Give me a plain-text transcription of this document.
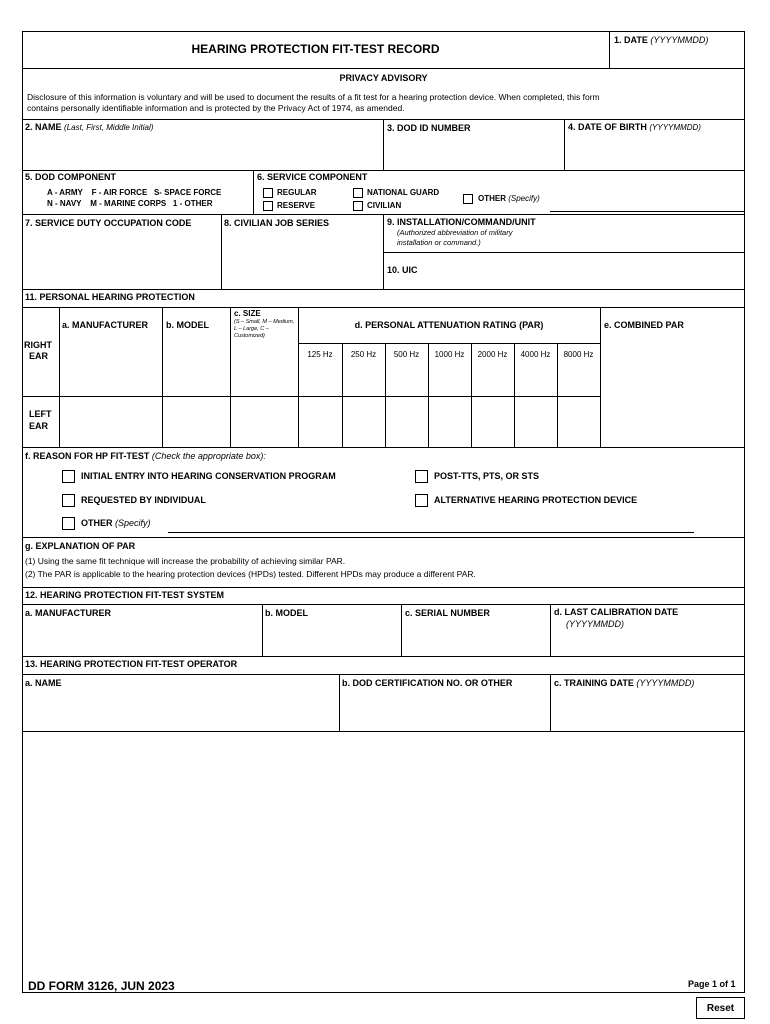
HEARING PROTECTION FIT-TEST RECORD
1. DATE (YYYYMMDD)
PRIVACY ADVISORY
Disclosure of this information is voluntary and will be used to document the results of a fit test for a hearing protection device. When completed, this form
contains personally identifiable information and is protected by the Privacy Act of 1974, as amended.
2. NAME (Last, First, Middle Initial)	3. DOD ID NUMBER	4. DATE OF BIRTH (YYYYMMDD)
5. DOD COMPONENT
A - ARMY    F - AIR FORCE   S- SPACE FORCE
N - NAVY    M - MARINE CORPS   1 - OTHER
6. SERVICE COMPONENT
REGULAR
RESERVE
NATIONAL GUARD
CIVILIAN
OTHER (Specify)
7. SERVICE DUTY OCCUPATION CODE	8. CIVILIAN JOB SERIES	9. INSTALLATION/COMMAND/UNIT
(Authorized abbreviation of military
installation or command.)
10. UIC
11. PERSONAL HEARING PROTECTION
a. MANUFACTURER b. MODEL
c. SIZE
(S – Small, M – Medium, L – Large, C – Customized)
d. PERSONAL ATTENUATION RATING (PAR)	e. COMBINED PAR
125 Hz	250 Hz	500 Hz	1000 Hz	2000 Hz	4000 Hz	8000 Hz
RIGHT
EAR
LEFT
EAR
f. REASON FOR HP FIT-TEST (Check the appropriate box):
INITIAL ENTRY INTO HEARING CONSERVATION PROGRAM	POST-TTS, PTS, OR STS
REQUESTED BY INDIVIDUAL	ALTERNATIVE HEARING PROTECTION DEVICE
OTHER (Specify)
g. EXPLANATION OF PAR
(1) Using the same fit technique will increase the probability of achieving similar PAR.
(2) The PAR is applicable to the hearing protection devices (HPDs) tested. Different HPDs may produce a different PAR.
12. HEARING PROTECTION FIT-TEST SYSTEM
a. MANUFACTURER	b. MODEL	c. SERIAL NUMBER	d. LAST CALIBRATION DATE
(YYYYMMDD)
13. HEARING PROTECTION FIT-TEST OPERATOR
a. NAME	b. DOD CERTIFICATION NO. OR OTHER	c. TRAINING DATE (YYYYMMDD)
DD FORM 3126, JUN 2023	Page 1 of 1
Reset
